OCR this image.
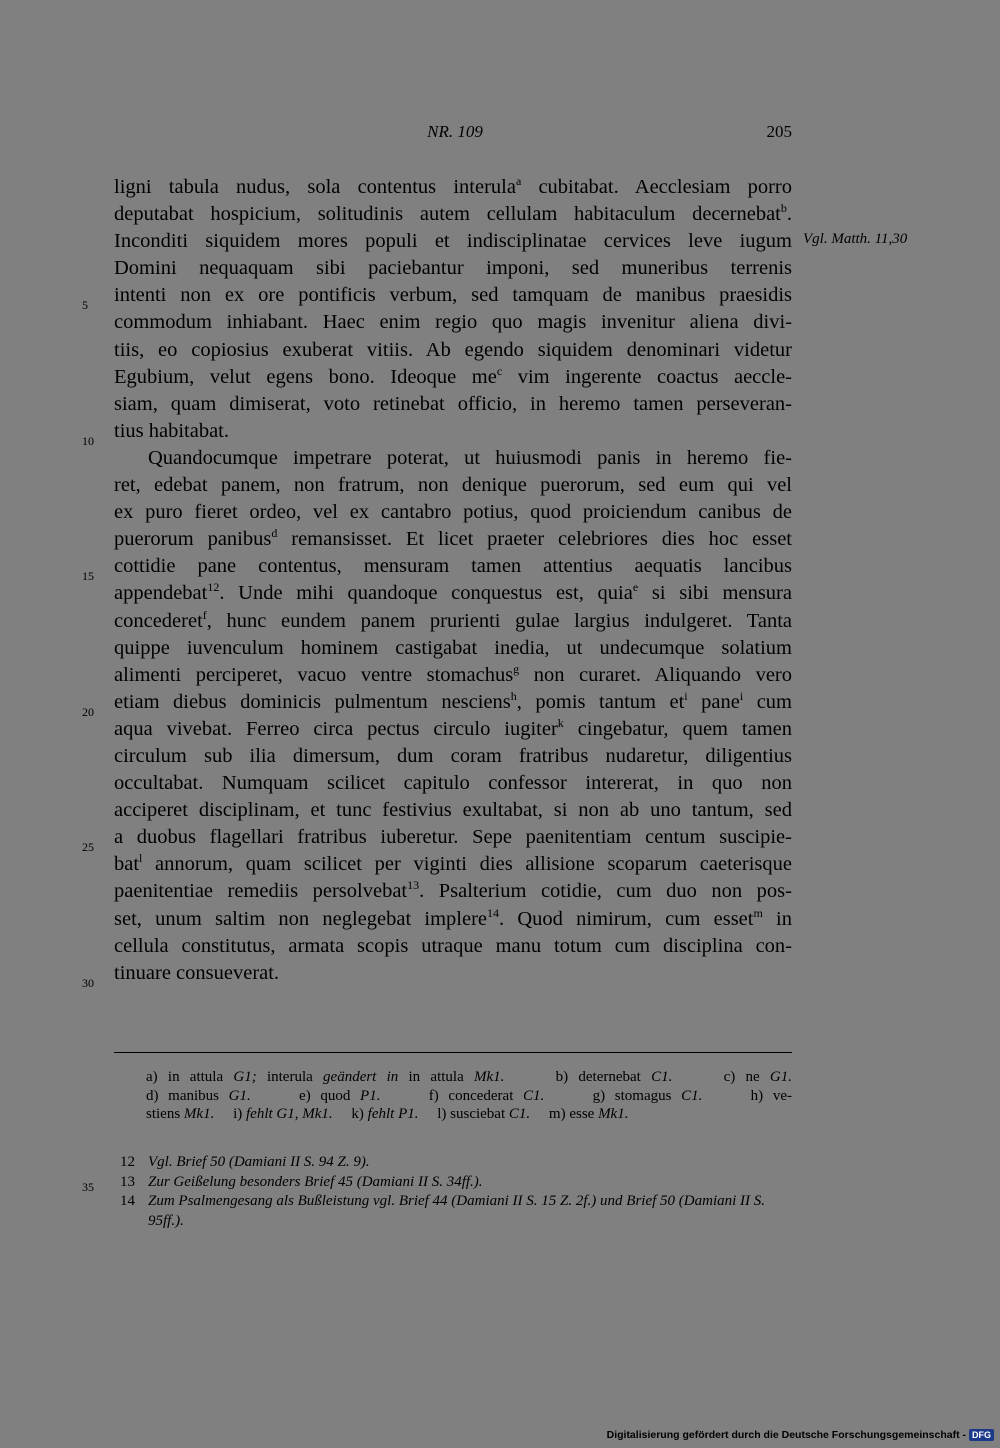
NR. 109	205
Vgl. Matth. 11,30
ligni tabula nudus, sola contentus interula$^a$ cubitabat. Aecclesiam porro
deputabat hospicium, solitudinis autem cellulam habitaculum decernebat$^b$.
Inconditi siquidem mores populi et indisciplinatae cervices leve iugum
Domini nequaquam sibi paciebantur imponi, sed muneribus terrenis
intenti non ex ore pontificis verbum, sed tamquam de manibus praesidis
commodum inhiabant. Haec enim regio quo magis invenitur aliena divi-
tiis, eo copiosius exuberat vitiis. Ab egendo siquidem denominari videtur
Egubium, velut egens bono. Ideoque $me^c$ vim ingerente coactus aeccle-
siam, quam dimiserat, voto retinebat officio, in heremo tamen perseveran-
tius habitabat.
Quandocumque impetrare poterat, ut huiusmodi panis in heremo fie-
ret, edebat panem, non fratrum, non denique puerorum, sed eum qui vel
ex puro fieret ordeo, vel ex cantabro potius, quod proiciendum canibus de
puerorum panibus$^d$ remansisset. Et licet praeter celebriores dies hoc esset
cottidie pane contentus, mensuram tamen attentius aequatis lancibus
appendebat$^{12}$. Unde mihi quandoque conquestus est, quia$^e$ si sibi mensura
concederet$^f$, hunc eundem panem prurienti gulae largius indulgeret. Tanta
quippe iuvenculum hominem castigabat inedia, ut undecumque solatium
alimenti perciperet, vacuo ventre stomachus$^g$ non curaret. Aliquando vero
etiam diebus dominicis pulmentum nesciens$^h$, pomis tantum $et^i$ pane$^i$ cum
aqua vivebat. Ferreo circa pectus circulo iugiter$^k$ cingebatur, quem tamen
circulum sub ilia dimersum, dum coram fratribus nudaretur, diligentius
occultabat. Numquam scilicet capitulo confessor intererat, in quo non
acciperet disciplinam, et tunc festivius exultabat, si non ab uno tantum, sed
a duobus flagellari fratribus iuberetur. Sepe paenitentiam centum suscipie-
bat$^l$ annorum, quam scilicet per viginti dies allisione scoparum caeterisque
paenitentiae remediis persolvebat$^{13}$. Psalterium cotidie, cum duo non pos-
set, unum saltim non neglegebat implere$^{14}$. Quod nimirum, cum esset$^m$ in
cellula constitutus, armata scopis utraque manu totum cum disciplina con-
tinuare consueverat.
5
10
15
20
25
30
35
a) in attula G1; interula geändert in in attula Mk1.     b) deternebat C1.     c) ne G1.
d) manibus G1.     e) quod P1.     f) concederat C1.     g) stomagus C1.     h) ve-
stiens Mk1.     i) fehlt G1, Mk1.     k) fehlt P1.     l) susciebat C1.     m) esse Mk1.
12 Vgl. Brief 50 (Damiani II S. 94 Z. 9).
13 Zur Geißelung besonders Brief 45 (Damiani II S. 34ff.).
14 Zum Psalmengesang als Bußleistung vgl. Brief 44 (Damiani II S. 15 Z. 2f.) und Brief 50 (Damiani II S. 95ff.).
Digitalisierung gefördert durch die Deutsche Forschungsgemeinschaft - DFG
